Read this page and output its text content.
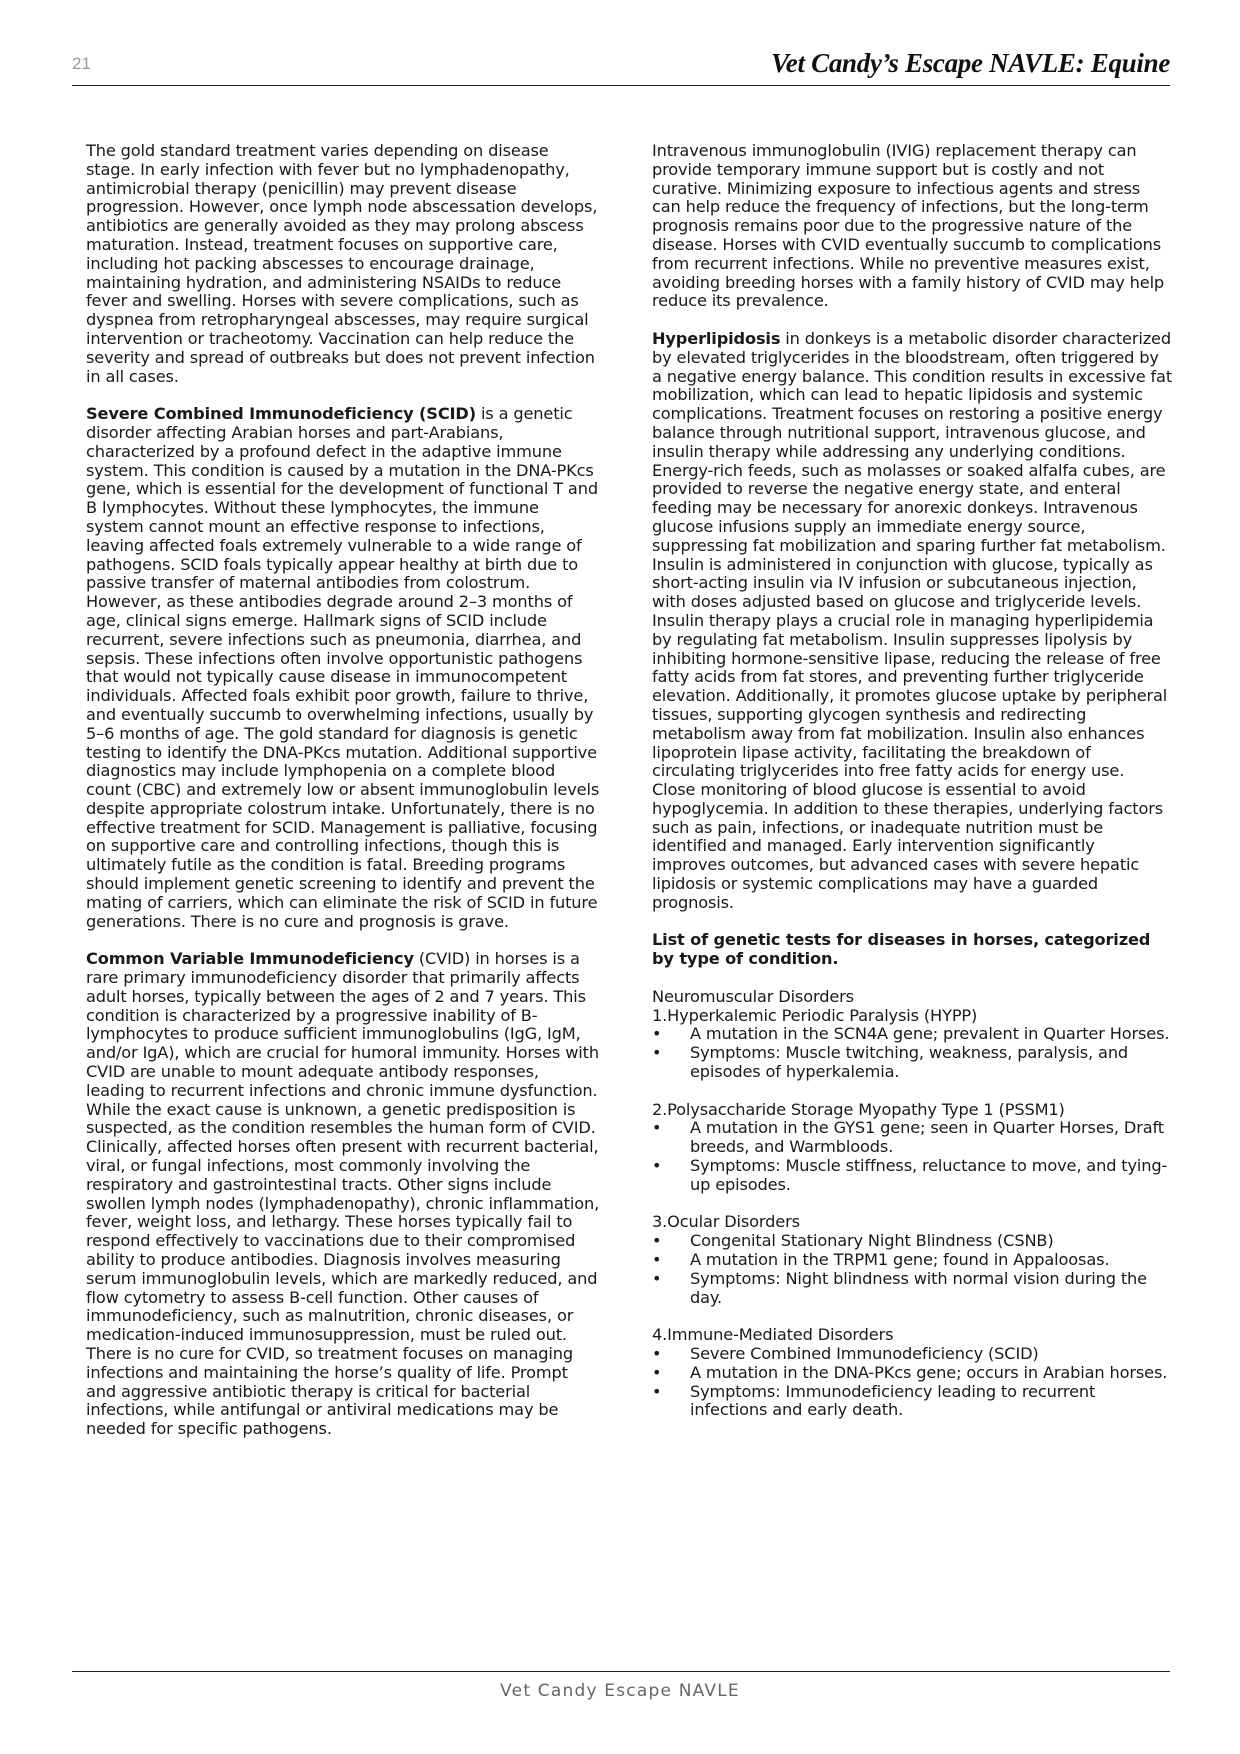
21	Vet Candy’s Escape NAVLE: Equine

The gold standard treatment varies depending on disease stage. In early infection with fever but no lymphadenopathy, antimicrobial therapy (penicillin) may prevent disease progression. However, once lymph node abscessation develops, antibiotics are generally avoided as they may prolong abscess maturation. Instead, treatment focuses on supportive care, including hot packing abscesses to encourage drainage, maintaining hydration, and administering NSAIDs to reduce fever and swelling. Horses with severe complications, such as dyspnea from retropharyngeal abscesses, may require surgical intervention or tracheotomy. Vaccination can help reduce the severity and spread of outbreaks but does not prevent infection in all cases.

Severe Combined Immunodeficiency (SCID) is a genetic disorder affecting Arabian horses and part-Arabians, characterized by a profound defect in the adaptive immune system. This condition is caused by a mutation in the DNA-PKcs gene, which is essential for the development of functional T and B lymphocytes. Without these lymphocytes, the immune system cannot mount an effective response to infections, leaving affected foals extremely vulnerable to a wide range of pathogens. SCID foals typically appear healthy at birth due to passive transfer of maternal antibodies from colostrum. However, as these antibodies degrade around 2–3 months of age, clinical signs emerge. Hallmark signs of SCID include recurrent, severe infections such as pneumonia, diarrhea, and sepsis. These infections often involve opportunistic pathogens that would not typically cause disease in immunocompetent individuals. Affected foals exhibit poor growth, failure to thrive, and eventually succumb to overwhelming infections, usually by 5–6 months of age. The gold standard for diagnosis is genetic testing to identify the DNA-PKcs mutation. Additional supportive diagnostics may include lymphopenia on a complete blood count (CBC) and extremely low or absent immunoglobulin levels despite appropriate colostrum intake. Unfortunately, there is no effective treatment for SCID. Management is palliative, focusing on supportive care and controlling infections, though this is ultimately futile as the condition is fatal. Breeding programs should implement genetic screening to identify and prevent the mating of carriers, which can eliminate the risk of SCID in future generations. There is no cure and prognosis is grave.

Common Variable Immunodeficiency (CVID) in horses is a rare primary immunodeficiency disorder that primarily affects adult horses, typically between the ages of 2 and 7 years. This condition is characterized by a progressive inability of B-lymphocytes to produce sufficient immunoglobulins (IgG, IgM, and/or IgA), which are crucial for humoral immunity. Horses with CVID are unable to mount adequate antibody responses, leading to recurrent infections and chronic immune dysfunction. While the exact cause is unknown, a genetic predisposition is suspected, as the condition resembles the human form of CVID. Clinically, affected horses often present with recurrent bacterial, viral, or fungal infections, most commonly involving the respiratory and gastrointestinal tracts. Other signs include swollen lymph nodes (lymphadenopathy), chronic inflammation, fever, weight loss, and lethargy. These horses typically fail to respond effectively to vaccinations due to their compromised ability to produce antibodies. Diagnosis involves measuring serum immunoglobulin levels, which are markedly reduced, and flow cytometry to assess B-cell function. Other causes of immunodeficiency, such as malnutrition, chronic diseases, or medication-induced immunosuppression, must be ruled out.

There is no cure for CVID, so treatment focuses on managing infections and maintaining the horse’s quality of life. Prompt and aggressive antibiotic therapy is critical for bacterial infections, while antifungal or antiviral medications may be needed for specific pathogens.

Intravenous immunoglobulin (IVIG) replacement therapy can provide temporary immune support but is costly and not curative. Minimizing exposure to infectious agents and stress can help reduce the frequency of infections, but the long-term prognosis remains poor due to the progressive nature of the disease. Horses with CVID eventually succumb to complications from recurrent infections. While no preventive measures exist, avoiding breeding horses with a family history of CVID may help reduce its prevalence.

Hyperlipidosis in donkeys is a metabolic disorder characterized by elevated triglycerides in the bloodstream, often triggered by a negative energy balance. This condition results in excessive fat mobilization, which can lead to hepatic lipidosis and systemic complications. Treatment focuses on restoring a positive energy balance through nutritional support, intravenous glucose, and insulin therapy while addressing any underlying conditions. Energy-rich feeds, such as molasses or soaked alfalfa cubes, are provided to reverse the negative energy state, and enteral feeding may be necessary for anorexic donkeys. Intravenous glucose infusions supply an immediate energy source, suppressing fat mobilization and sparing further fat metabolism. Insulin is administered in conjunction with glucose, typically as short-acting insulin via IV infusion or subcutaneous injection, with doses adjusted based on glucose and triglyceride levels. Insulin therapy plays a crucial role in managing hyperlipidemia by regulating fat metabolism. Insulin suppresses lipolysis by inhibiting hormone-sensitive lipase, reducing the release of free fatty acids from fat stores, and preventing further triglyceride elevation. Additionally, it promotes glucose uptake by peripheral tissues, supporting glycogen synthesis and redirecting metabolism away from fat mobilization. Insulin also enhances lipoprotein lipase activity, facilitating the breakdown of circulating triglycerides into free fatty acids for energy use. Close monitoring of blood glucose is essential to avoid hypoglycemia. In addition to these therapies, underlying factors such as pain, infections, or inadequate nutrition must be identified and managed. Early intervention significantly improves outcomes, but advanced cases with severe hepatic lipidosis or systemic complications may have a guarded prognosis.

List of genetic tests for diseases in horses, categorized by type of condition.

Neuromuscular Disorders
1.Hyperkalemic Periodic Paralysis (HYPP)
• A mutation in the SCN4A gene; prevalent in Quarter Horses.
• Symptoms: Muscle twitching, weakness, paralysis, and episodes of hyperkalemia.
2.Polysaccharide Storage Myopathy Type 1 (PSSM1)
• A mutation in the GYS1 gene; seen in Quarter Horses, Draft breeds, and Warmbloods.
• Symptoms: Muscle stiffness, reluctance to move, and tying-up episodes.
3.Ocular Disorders
• Congenital Stationary Night Blindness (CSNB)
• A mutation in the TRPM1 gene; found in Appaloosas.
• Symptoms: Night blindness with normal vision during the day.
4.Immune-Mediated Disorders
• Severe Combined Immunodeficiency (SCID)
• A mutation in the DNA-PKcs gene; occurs in Arabian horses.
• Symptoms: Immunodeficiency leading to recurrent infections and early death.
Vet Candy Escape NAVLE
